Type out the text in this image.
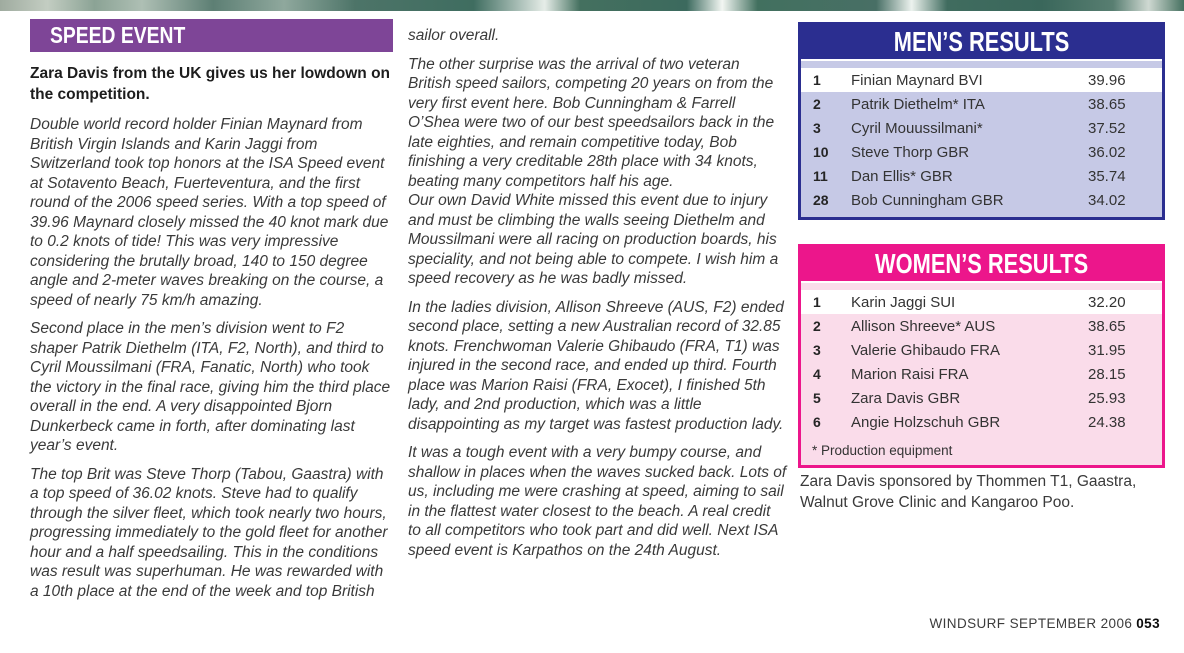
SPEED EVENT

Zara Davis from the UK gives us her lowdown on the competition.

Double world record holder Finian Maynard from British Virgin Islands and Karin Jaggi from Switzerland took top honors at the ISA Speed event at Sotavento Beach, Fuerteventura, and the first round of the 2006 speed series. With a top speed of 39.96 Maynard closely missed the 40 knot mark due to 0.2 knots of tide! This was very impressive considering the brutally broad, 140 to 150 degree angle and 2-meter waves breaking on the course, a speed of nearly 75 km/h amazing.

Second place in the men’s division went to F2 shaper Patrik Diethelm (ITA, F2, North), and third to Cyril Moussilmani (FRA, Fanatic, North) who took the victory in the final race, giving him the third place overall in the end. A very disappointed Bjorn Dunkerbeck came in forth, after dominating last year’s event.

The top Brit was Steve Thorp (Tabou, Gaastra) with a top speed of 36.02 knots. Steve had to qualify through the silver fleet, which took nearly two hours, progressing immediately to the gold fleet for another hour and a half speedsailing. This in the conditions was result was superhuman. He was rewarded with a 10th place at the end of the week and top British

sailor overall.

The other surprise was the arrival of two veteran British speed sailors, competing 20 years on from the very first event here. Bob Cunningham & Farrell O’Shea were two of our best speedsailors back in the late eighties, and remain competitive today, Bob finishing a very creditable 28th place with 34 knots, beating many competitors half his age.

Our own David White missed this event due to injury and must be climbing the walls seeing Diethelm and Moussilmani were all racing on production boards, his speciality, and not being able to compete. I wish him a speed recovery as he was badly missed.

In the ladies division, Allison Shreeve (AUS, F2) ended second place, setting a new Australian record of 32.85 knots. Frenchwoman Valerie Ghibaudo (FRA, T1) was injured in the second race, and ended up third. Fourth place was Marion Raisi (FRA, Exocet), I finished 5th lady, and 2nd production, which was a little disappointing as my target was fastest production lady.

It was a tough event with a very bumpy course, and shallow in places when the waves sucked back. Lots of us, including me were crashing at speed, aiming to sail in the flattest water closest to the beach. A real credit to all competitors who took part and did well. Next ISA speed event is Karpathos on the 24th August.

MEN’S RESULTS
1	Finian Maynard BVI	39.96
2	Patrik Diethelm* ITA	38.65
3	Cyril Mouussilmani*	37.52
10	Steve Thorp GBR	36.02
11	Dan Ellis* GBR	35.74
28	Bob Cunningham GBR	34.02
WOMEN’S RESULTS
1	Karin Jaggi SUI	32.20
2	Allison Shreeve* AUS	38.65
3	Valerie Ghibaudo FRA	31.95
4	Marion Raisi FRA	28.15
5	Zara Davis GBR	25.93
6	Angie Holzschuh GBR	24.38
* Production equipment

Zara Davis sponsored by Thommen T1, Gaastra, Walnut Grove Clinic and Kangaroo Poo.

WINDSURF SEPTEMBER 2006 053
